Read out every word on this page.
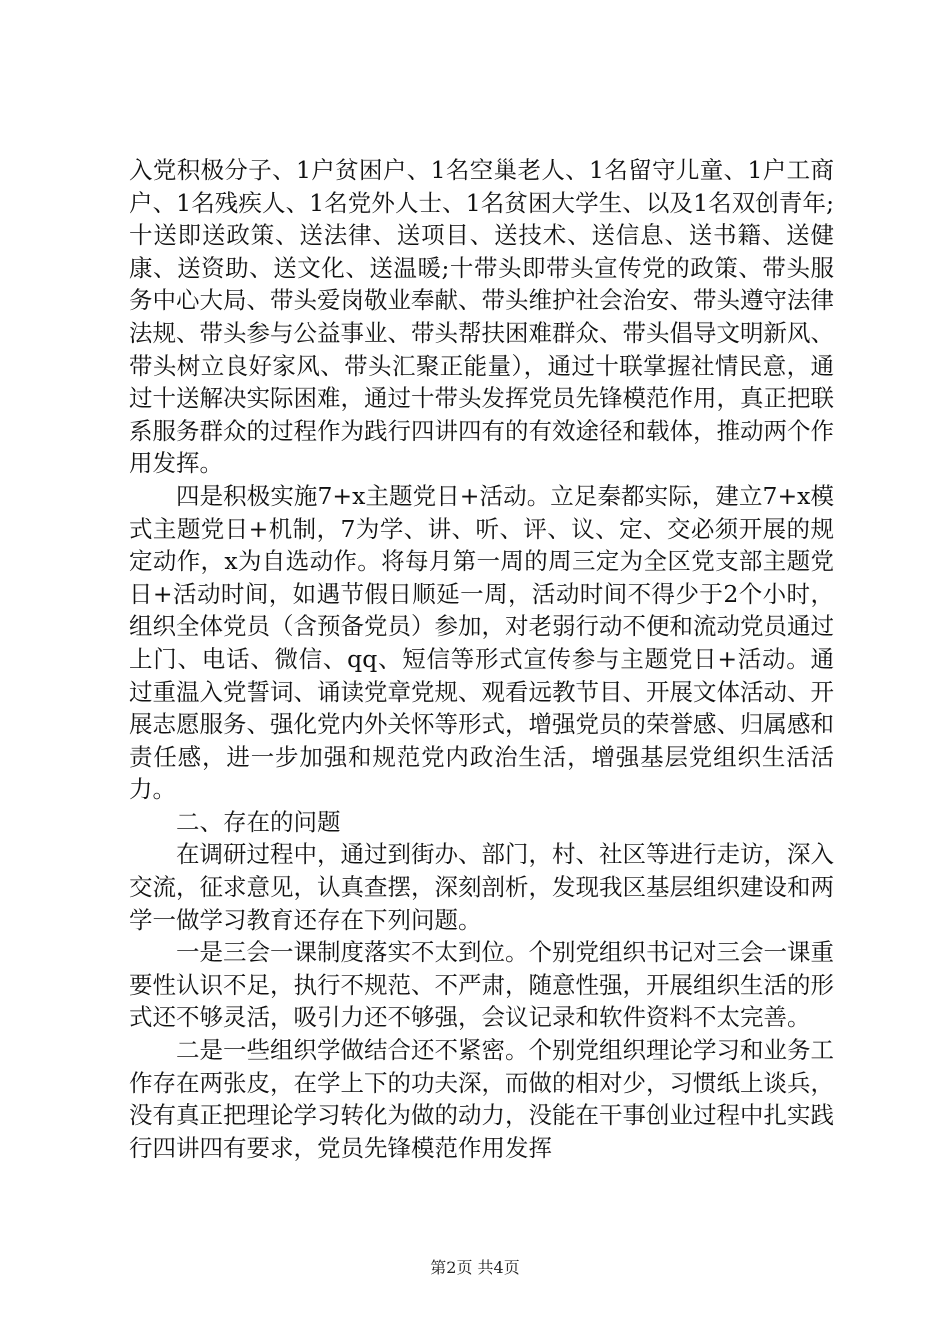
入党积极分子、1户贫困户、1名空巢老人、1名留守儿童、1户工商户、1名残疾人、1名党外人士、1名贫困大学生、以及1名双创青年;十送即送政策、送法律、送项目、送技术、送信息、送书籍、送健康、送资助、送文化、送温暖;十带头即带头宣传党的政策、带头服务中心大局、带头爱岗敬业奉献、带头维护社会治安、带头遵守法律法规、带头参与公益事业、带头帮扶困难群众、带头倡导文明新风、带头树立良好家风、带头汇聚正能量），通过十联掌握社情民意，通过十送解决实际困难，通过十带头发挥党员先锋模范作用，真正把联系服务群众的过程作为践行四讲四有的有效途径和载体，推动两个作用发挥。

四是积极实施7+x主题党日+活动。立足秦都实际，建立7+x模式主题党日+机制，7为学、讲、听、评、议、定、交必须开展的规定动作，x为自选动作。将每月第一周的周三定为全区党支部主题党日+活动时间，如遇节假日顺延一周，活动时间不得少于2个小时，组织全体党员（含预备党员）参加，对老弱行动不便和流动党员通过上门、电话、微信、qq、短信等形式宣传参与主题党日+活动。通过重温入党誓词、诵读党章党规、观看远教节目、开展文体活动、开展志愿服务、强化党内外关怀等形式，增强党员的荣誉感、归属感和责任感，进一步加强和规范党内政治生活，增强基层党组织生活活力。

二、存在的问题

在调研过程中，通过到街办、部门，村、社区等进行走访，深入交流，征求意见，认真查摆，深刻剖析，发现我区基层组织建设和两学一做学习教育还存在下列问题。

一是三会一课制度落实不太到位。个别党组织书记对三会一课重要性认识不足，执行不规范、不严肃，随意性强，开展组织生活的形式还不够灵活，吸引力还不够强，会议记录和软件资料不太完善。

二是一些组织学做结合还不紧密。个别党组织理论学习和业务工作存在两张皮，在学上下的功夫深，而做的相对少，习惯纸上谈兵，没有真正把理论学习转化为做的动力，没能在干事创业过程中扎实践行四讲四有要求，党员先锋模范作用发挥

第2页 共4页
